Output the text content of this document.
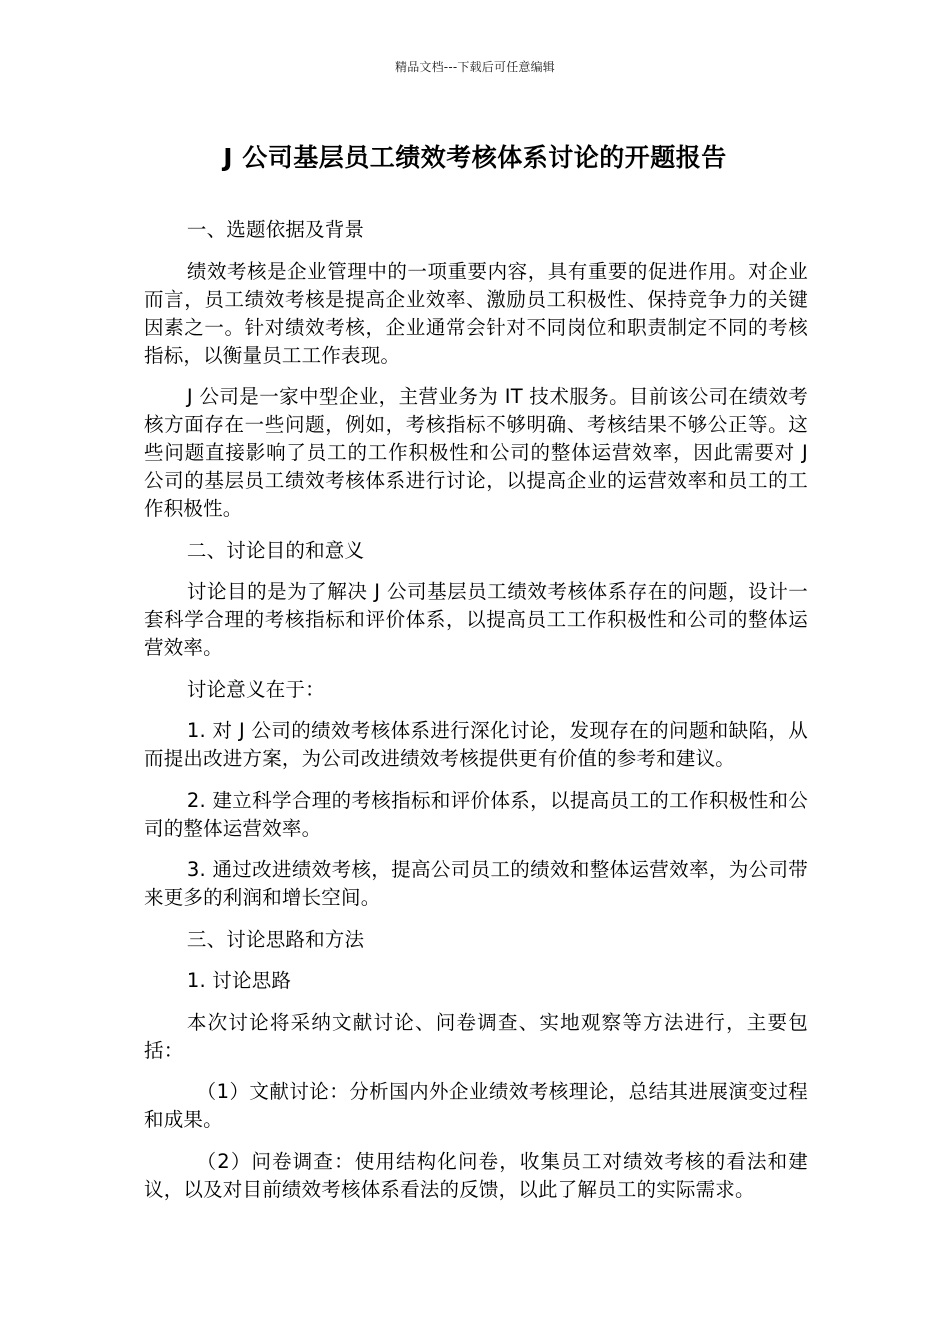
精品文档---下载后可任意编辑
J 公司基层员工绩效考核体系讨论的开题报告

一、选题依据及背景

绩效考核是企业管理中的一项重要内容，具有重要的促进作用。对企业而言，员工绩效考核是提高企业效率、激励员工积极性、保持竞争力的关键因素之一。针对绩效考核，企业通常会针对不同岗位和职责制定不同的考核指标，以衡量员工工作表现。

J 公司是一家中型企业，主营业务为 IT 技术服务。目前该公司在绩效考核方面存在一些问题，例如，考核指标不够明确、考核结果不够公正等。这些问题直接影响了员工的工作积极性和公司的整体运营效率，因此需要对 J 公司的基层员工绩效考核体系进行讨论，以提高企业的运营效率和员工的工作积极性。

二、讨论目的和意义

讨论目的是为了解决 J 公司基层员工绩效考核体系存在的问题，设计一套科学合理的考核指标和评价体系，以提高员工工作积极性和公司的整体运营效率。

讨论意义在于：

1. 对 J 公司的绩效考核体系进行深化讨论，发现存在的问题和缺陷，从而提出改进方案，为公司改进绩效考核提供更有价值的参考和建议。

2. 建立科学合理的考核指标和评价体系，以提高员工的工作积极性和公司的整体运营效率。

3. 通过改进绩效考核，提高公司员工的绩效和整体运营效率，为公司带来更多的利润和增长空间。

三、讨论思路和方法

1. 讨论思路

本次讨论将采纳文献讨论、问卷调查、实地观察等方法进行，主要包括：

（1）文献讨论：分析国内外企业绩效考核理论，总结其进展演变过程和成果。

（2）问卷调查：使用结构化问卷，收集员工对绩效考核的看法和建议，以及对目前绩效考核体系看法的反馈，以此了解员工的实际需求。
